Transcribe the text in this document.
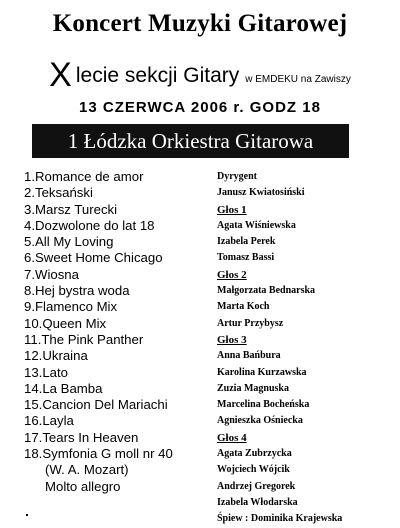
Koncert Muzyki Gitarowej
Xlecie sekcji Gitary w EMDEKU na Zawiszy
13 CZERWCA 2006 r. GODZ 18
1 Łódzka Orkiestra Gitarowa
1.Romance de amor
2.Teksański
3.Marsz Turecki
4.Dozwolone do lat 18
5.All My Loving
6.Sweet Home Chicago
7.Wiosna
8.Hej bystra woda
9.Flamenco Mix
10.Queen Mix
11.The Pink Panther
12.Ukraina
13.Lato
14.La Bamba
15.Cancion Del Mariachi
16.Layla
17.Tears In Heaven
18.Symfonia G moll nr 40
(W. A. Mozart)
Molto allegro
Dyrygent
Janusz Kwiatosiński
Głos 1
Agata Wiśniewska
Izabela Perek
Tomasz Bassi
Głos 2
Małgorzata Bednarska
Marta Koch
Artur Przybysz
Głos 3
Anna Bańbura
Karolina Kurzawska
Zuzia Magnuska
Marcelina Bocheńska
Agnieszka Ośniecka
Głos 4
Agata Zubrzycka
Wojciech Wójcik
Andrzej Gregorek
Izabela Włodarska
Śpiew : Dominika Krajewska
